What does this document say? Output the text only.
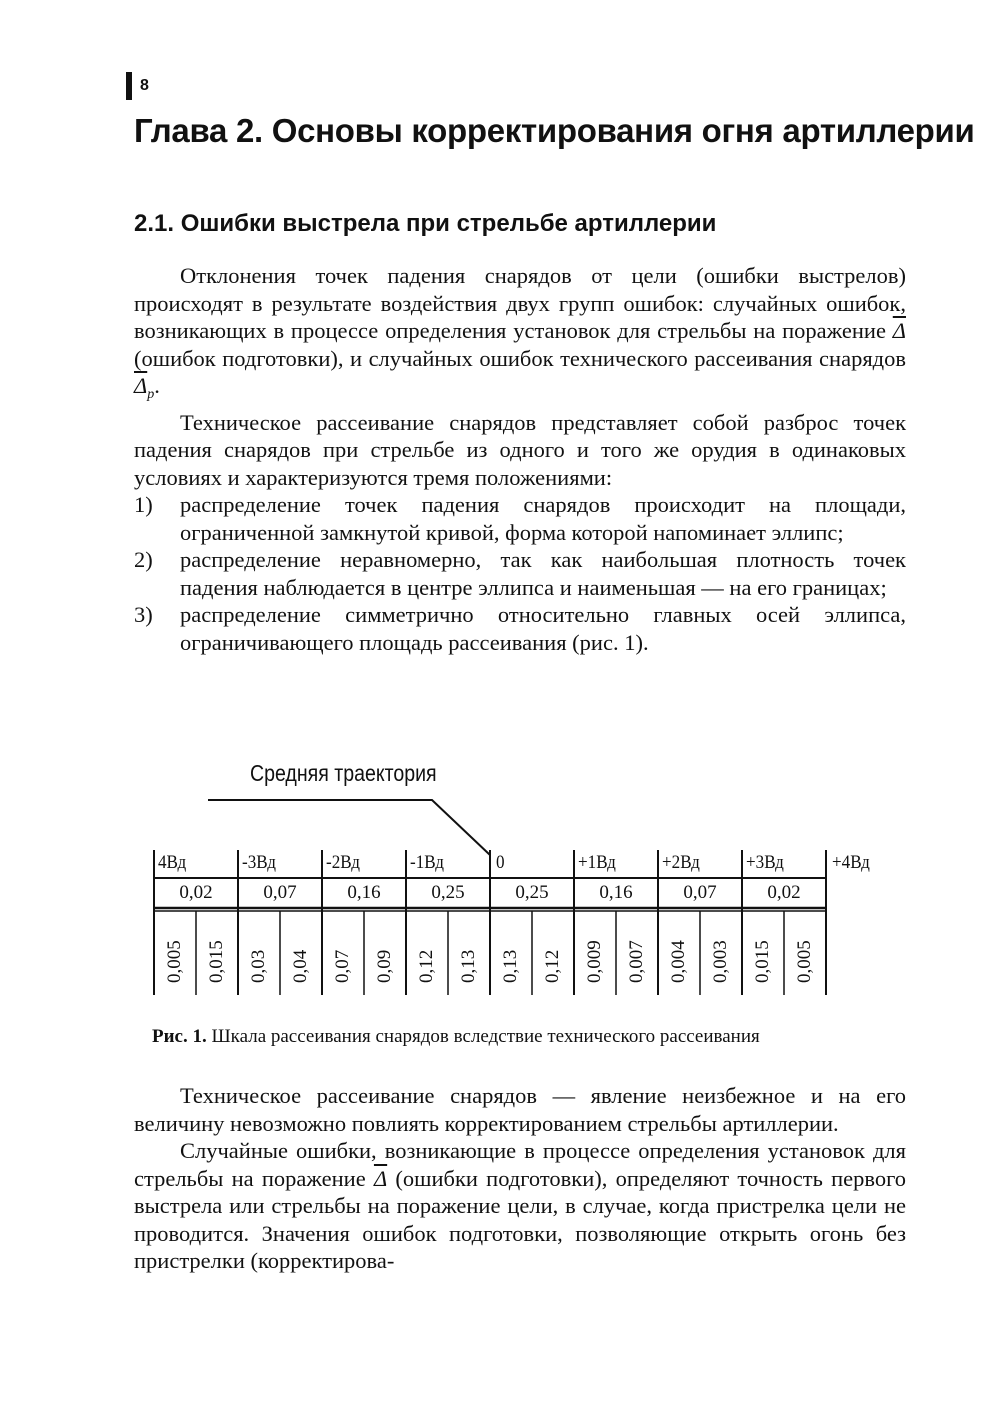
8
Глава 2. Основы корректирования огня артиллерии
2.1. Ошибки выстрела при стрельбе артиллерии

Отклонения точек падения снарядов от цели (ошибки выстрелов) происходят в результате воздействия двух групп ошибок: случайных ошибок, возникающих в процессе определения установок для стрельбы на поражение $\overline{\Delta}$ (ошибок подготовки), и случайных ошибок технического рассеивания снарядов $\overline{\Delta}_р$.

Техническое рассеивание снарядов представляет собой разброс точек падения снарядов при стрельбе из одного и того же орудия в одинаковых условиях и характеризуются тремя положениями:

1)	распределение точек падения снарядов происходит на площади, ограниченной замкнутой кривой, форма которой напоминает эллипс;
2)	распределение неравномерно, так как наибольшая плотность точек падения наблюдается в центре эллипса и наименьшая — на его границах;
3)	распределение симметрично относительно главных осей эллипса, ограничивающего площадь рассеивания (рис. 1).
Средняя траектория
4Вд	-3Вд	-2Вд	-1Вд	0	+1Вд +2Вд +3Вд	+4Вд
0,02	0,07	0,16	0,25	0,25	0,16	0,07	0,02
0,005 0,015 0,03 0,04 0,07 0,09 0,12 0,13 0,13 0,12 0,009 0,007 0,004 0,003 0,015 0,005
Рис. 1. Шкала рассеивания снарядов вследствие технического рассеивания

Техническое рассеивание снарядов — явление неизбежное и на его величину невозможно повлиять корректированием стрельбы артиллерии.

Случайные ошибки, возникающие в процессе определения установок для стрельбы на поражение $\overline{\Delta}$ (ошибки подготовки), определяют точность первого выстрела или стрельбы на поражение цели, в случае, когда пристрелка цели не проводится. Значения ошибок подготовки, позволяющие открыть огонь без пристрелки (корректирова-
